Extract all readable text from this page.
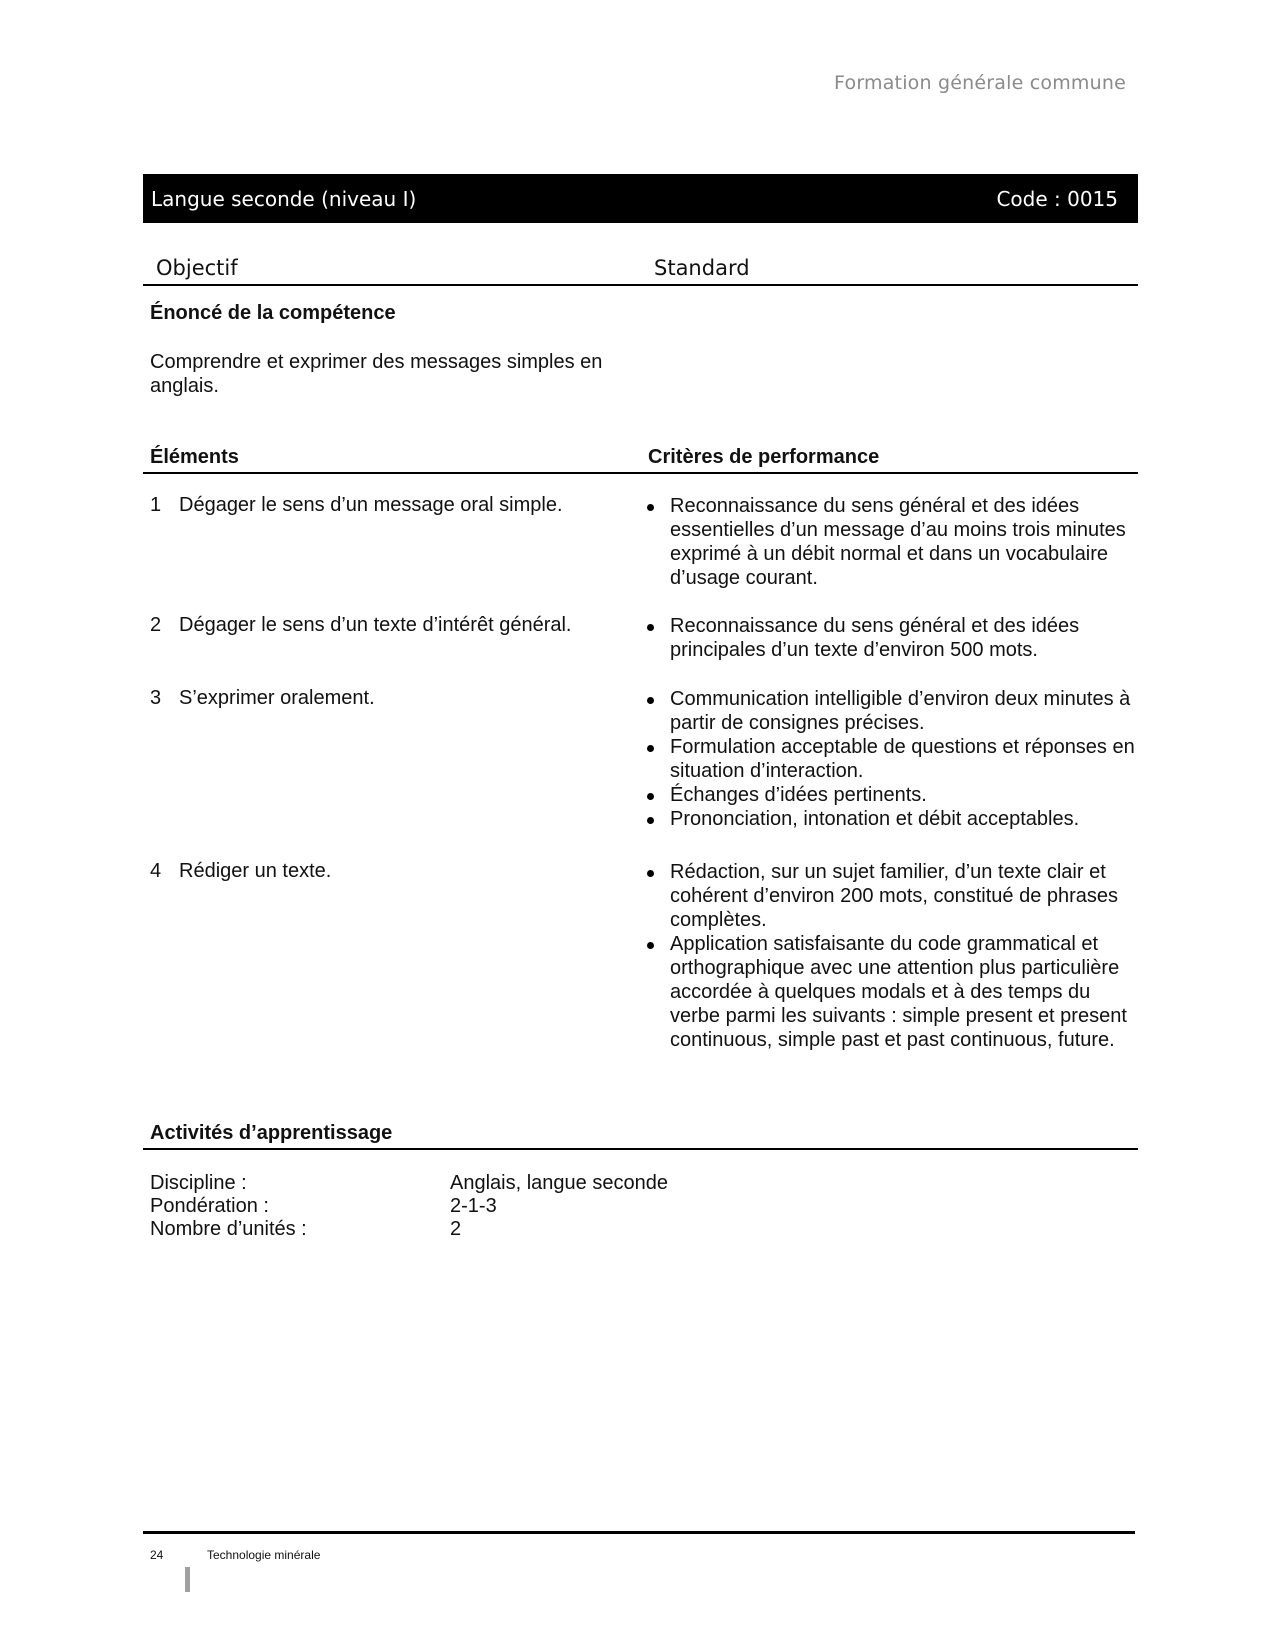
Formation générale commune
Langue seconde (niveau I)	Code : 0015
Objectif	Standard
Énoncé de la compétence
Comprendre et exprimer des messages simples en anglais.
Éléments	Critères de performance
1 Dégager le sens d’un message oral simple.	Reconnaissance du sens général et des idées essentielles d’un message d’au moins trois minutes exprimé à un débit normal et dans un vocabulaire d’usage courant.
2 Dégager le sens d’un texte d’intérêt général.	Reconnaissance du sens général et des idées principales d’un texte d’environ 500 mots.
3 S’exprimer oralement.	Communication intelligible d’environ deux minutes à partir de consignes précises.
Formulation acceptable de questions et réponses en situation d’interaction.
Échanges d’idées pertinents.
Prononciation, intonation et débit acceptables.
4 Rédiger un texte.	Rédaction, sur un sujet familier, d’un texte clair et cohérent d’environ 200 mots, constitué de phrases complètes.
Application satisfaisante du code grammatical et orthographique avec une attention plus particulière accordée à quelques modals et à des temps du verbe parmi les suivants : simple present et present continuous, simple past et past continuous, future.
Activités d’apprentissage
Discipline :	Anglais, langue seconde
Pondération :	2-1-3
Nombre d’unités :	2
24	Technologie minérale
